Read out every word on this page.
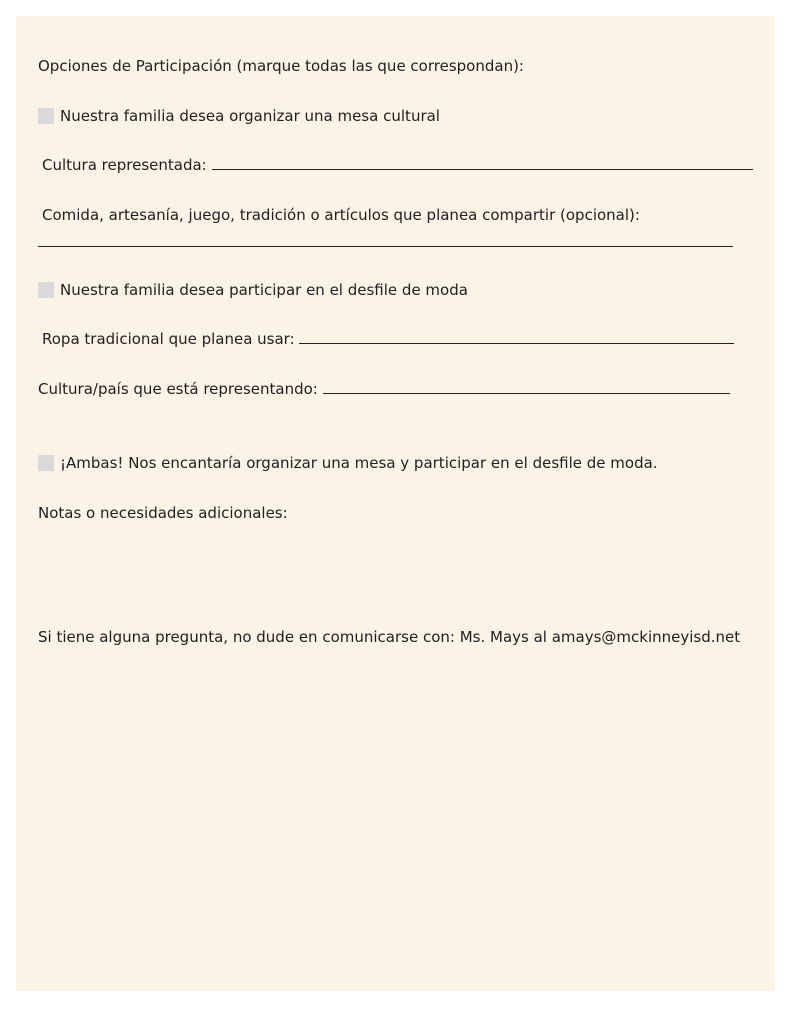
Opciones de Participación (marque todas las que correspondan):
Nuestra familia desea organizar una mesa cultural
Cultura representada:
Comida, artesanía, juego, tradición o artículos que planea compartir (opcional):
Nuestra familia desea participar en el desfile de moda
Ropa tradicional que planea usar:
Cultura/país que está representando:
¡Ambas! Nos encantaría organizar una mesa y participar en el desfile de moda.
Notas o necesidades adicionales:
Si tiene alguna pregunta, no dude en comunicarse con: Ms. Mays al amays@mckinneyisd.net
